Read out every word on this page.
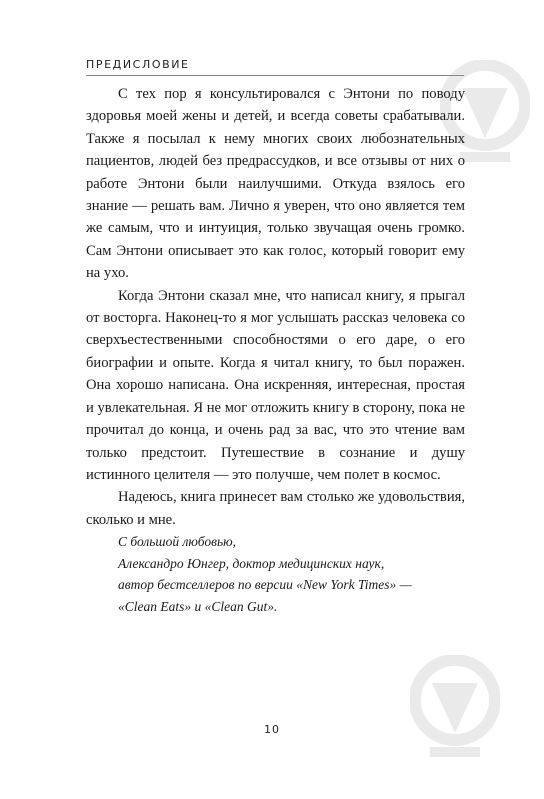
ПРЕДИСЛОВИЕ

С тех пор я консультировался с Энтони по поводу здоровья моей жены и детей, и всегда советы срабатывали. Также я посылал к нему многих своих любознательных пациентов, людей без предрассудков, и все отзывы от них о работе Энтони были наилучшими. Откуда взялось его знание — решать вам. Лично я уверен, что оно является тем же самым, что и интуиция, только звучащая очень громко. Сам Энтони описывает это как голос, который говорит ему на ухо.

Когда Энтони сказал мне, что написал книгу, я прыгал от восторга. Наконец-то я мог услышать рассказ человека со сверхъестественными способностями о его даре, о его биографии и опыте. Когда я читал книгу, то был поражен. Она хорошо написана. Она искренняя, интересная, простая и увлекательная. Я не мог отложить книгу в сторону, пока не прочитал до конца, и очень рад за вас, что это чтение вам только предстоит. Путешествие в сознание и душу истинного целителя — это получше, чем полет в космос.

Надеюсь, книга принесет вам столько же удовольствия, сколько и мне.

С большой любовью,
Александро Юнгер, доктор медицинских наук,
автор бестселлеров по версии «New York Times» —
«Clean Eats» и «Clean Gut».
10
